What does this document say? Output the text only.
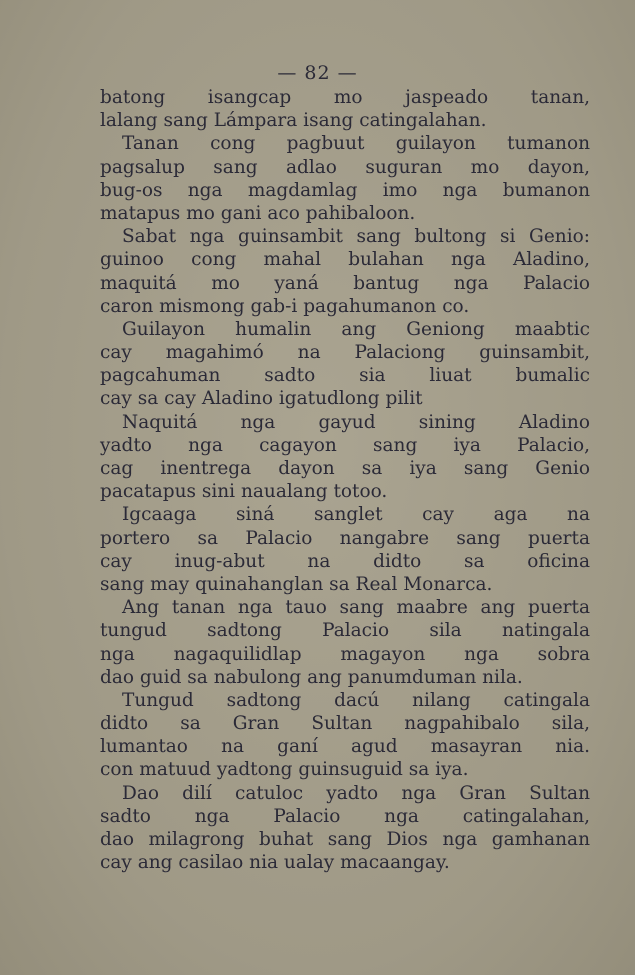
— 82 —
batong isangcap mo jaspeado tanan,
lalang sang Lámpara isang catingalahan.
Tanan cong pagbuut guilayon tumanon
pagsalup sang adlao suguran mo dayon,
bug-os nga magdamlag imo nga bumanon
matapus mo gani aco pahibaloon.
Sabat nga guinsambit sang bultong si Genio:
guinoo cong mahal bulahan nga Aladino,
maquitá mo yaná bantug nga Palacio
caron mismong gab-i pagahumanon co.
Guilayon humalin ang Geniong maabtic
cay magahimó na Palaciong guinsambit,
pagcahuman sadto sia liuat bumalic
cay sa cay Aladino igatudlong pilit
Naquitá nga gayud sining Aladino
yadto nga cagayon sang iya Palacio,
cag inentrega dayon sa iya sang Genio
pacatapus sini naualang totoo.
Igcaaga siná sanglet cay aga na
portero sa Palacio nangabre sang puerta
cay inug-abut na didto sa oficina
sang may quinahanglan sa Real Monarca.
Ang tanan nga tauo sang maabre ang puerta
tungud sadtong Palacio sila natingala
nga nagaquilidlap magayon nga sobra
dao guid sa nabulong ang panumduman nila.
Tungud sadtong dacú nilang catingala
didto sa Gran Sultan nagpahibalo sila,
lumantao na ganí agud masayran nia.
con matuud yadtong guinsuguid sa iya.
Dao dilí catuloc yadto nga Gran Sultan
sadto nga Palacio nga catingalahan,
dao milagrong buhat sang Dios nga gamhanan
cay ang casilao nia ualay macaangay.
